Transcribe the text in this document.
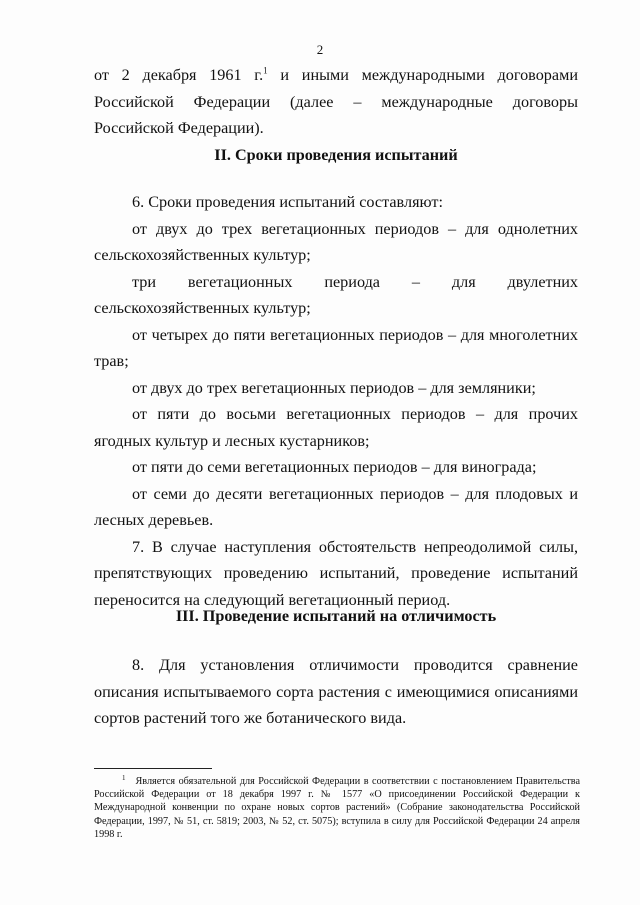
2

от 2 декабря 1961 г.$^1$ и иными международными договорами Российской Федерации (далее – международные договоры Российской Федерации).

II. Сроки проведения испытаний

6. Сроки проведения испытаний составляют:

от двух до трех вегетационных периодов – для однолетних сельскохозяйственных культур;

три вегетационных периода – для двулетних сельскохозяйственных культур;

от четырех до пяти вегетационных периодов – для многолетних трав;

от двух до трех вегетационных периодов – для земляники;

от пяти до восьми вегетационных периодов – для прочих ягодных культур и лесных кустарников;

от пяти до семи вегетационных периодов – для винограда;

от семи до десяти вегетационных периодов – для плодовых и лесных деревьев.

7. В случае наступления обстоятельств непреодолимой силы, препятствующих проведению испытаний, проведение испытаний переносится на следующий вегетационный период.

III. Проведение испытаний на отличимость

8. Для установления отличимости проводится сравнение описания испытываемого сорта растения с имеющимися описаниями сортов растений того же ботанического вида.

$^1$ Является обязательной для Российской Федерации в соответствии с постановлением Правительства Российской Федерации от 18 декабря 1997 г. № 1577 «О присоединении Российской Федерации к Международной конвенции по охране новых сортов растений» (Собрание законодательства Российской Федерации, 1997, № 51, ст. 5819; 2003, № 52, ст. 5075); вступила в силу для Российской Федерации 24 апреля 1998 г.
